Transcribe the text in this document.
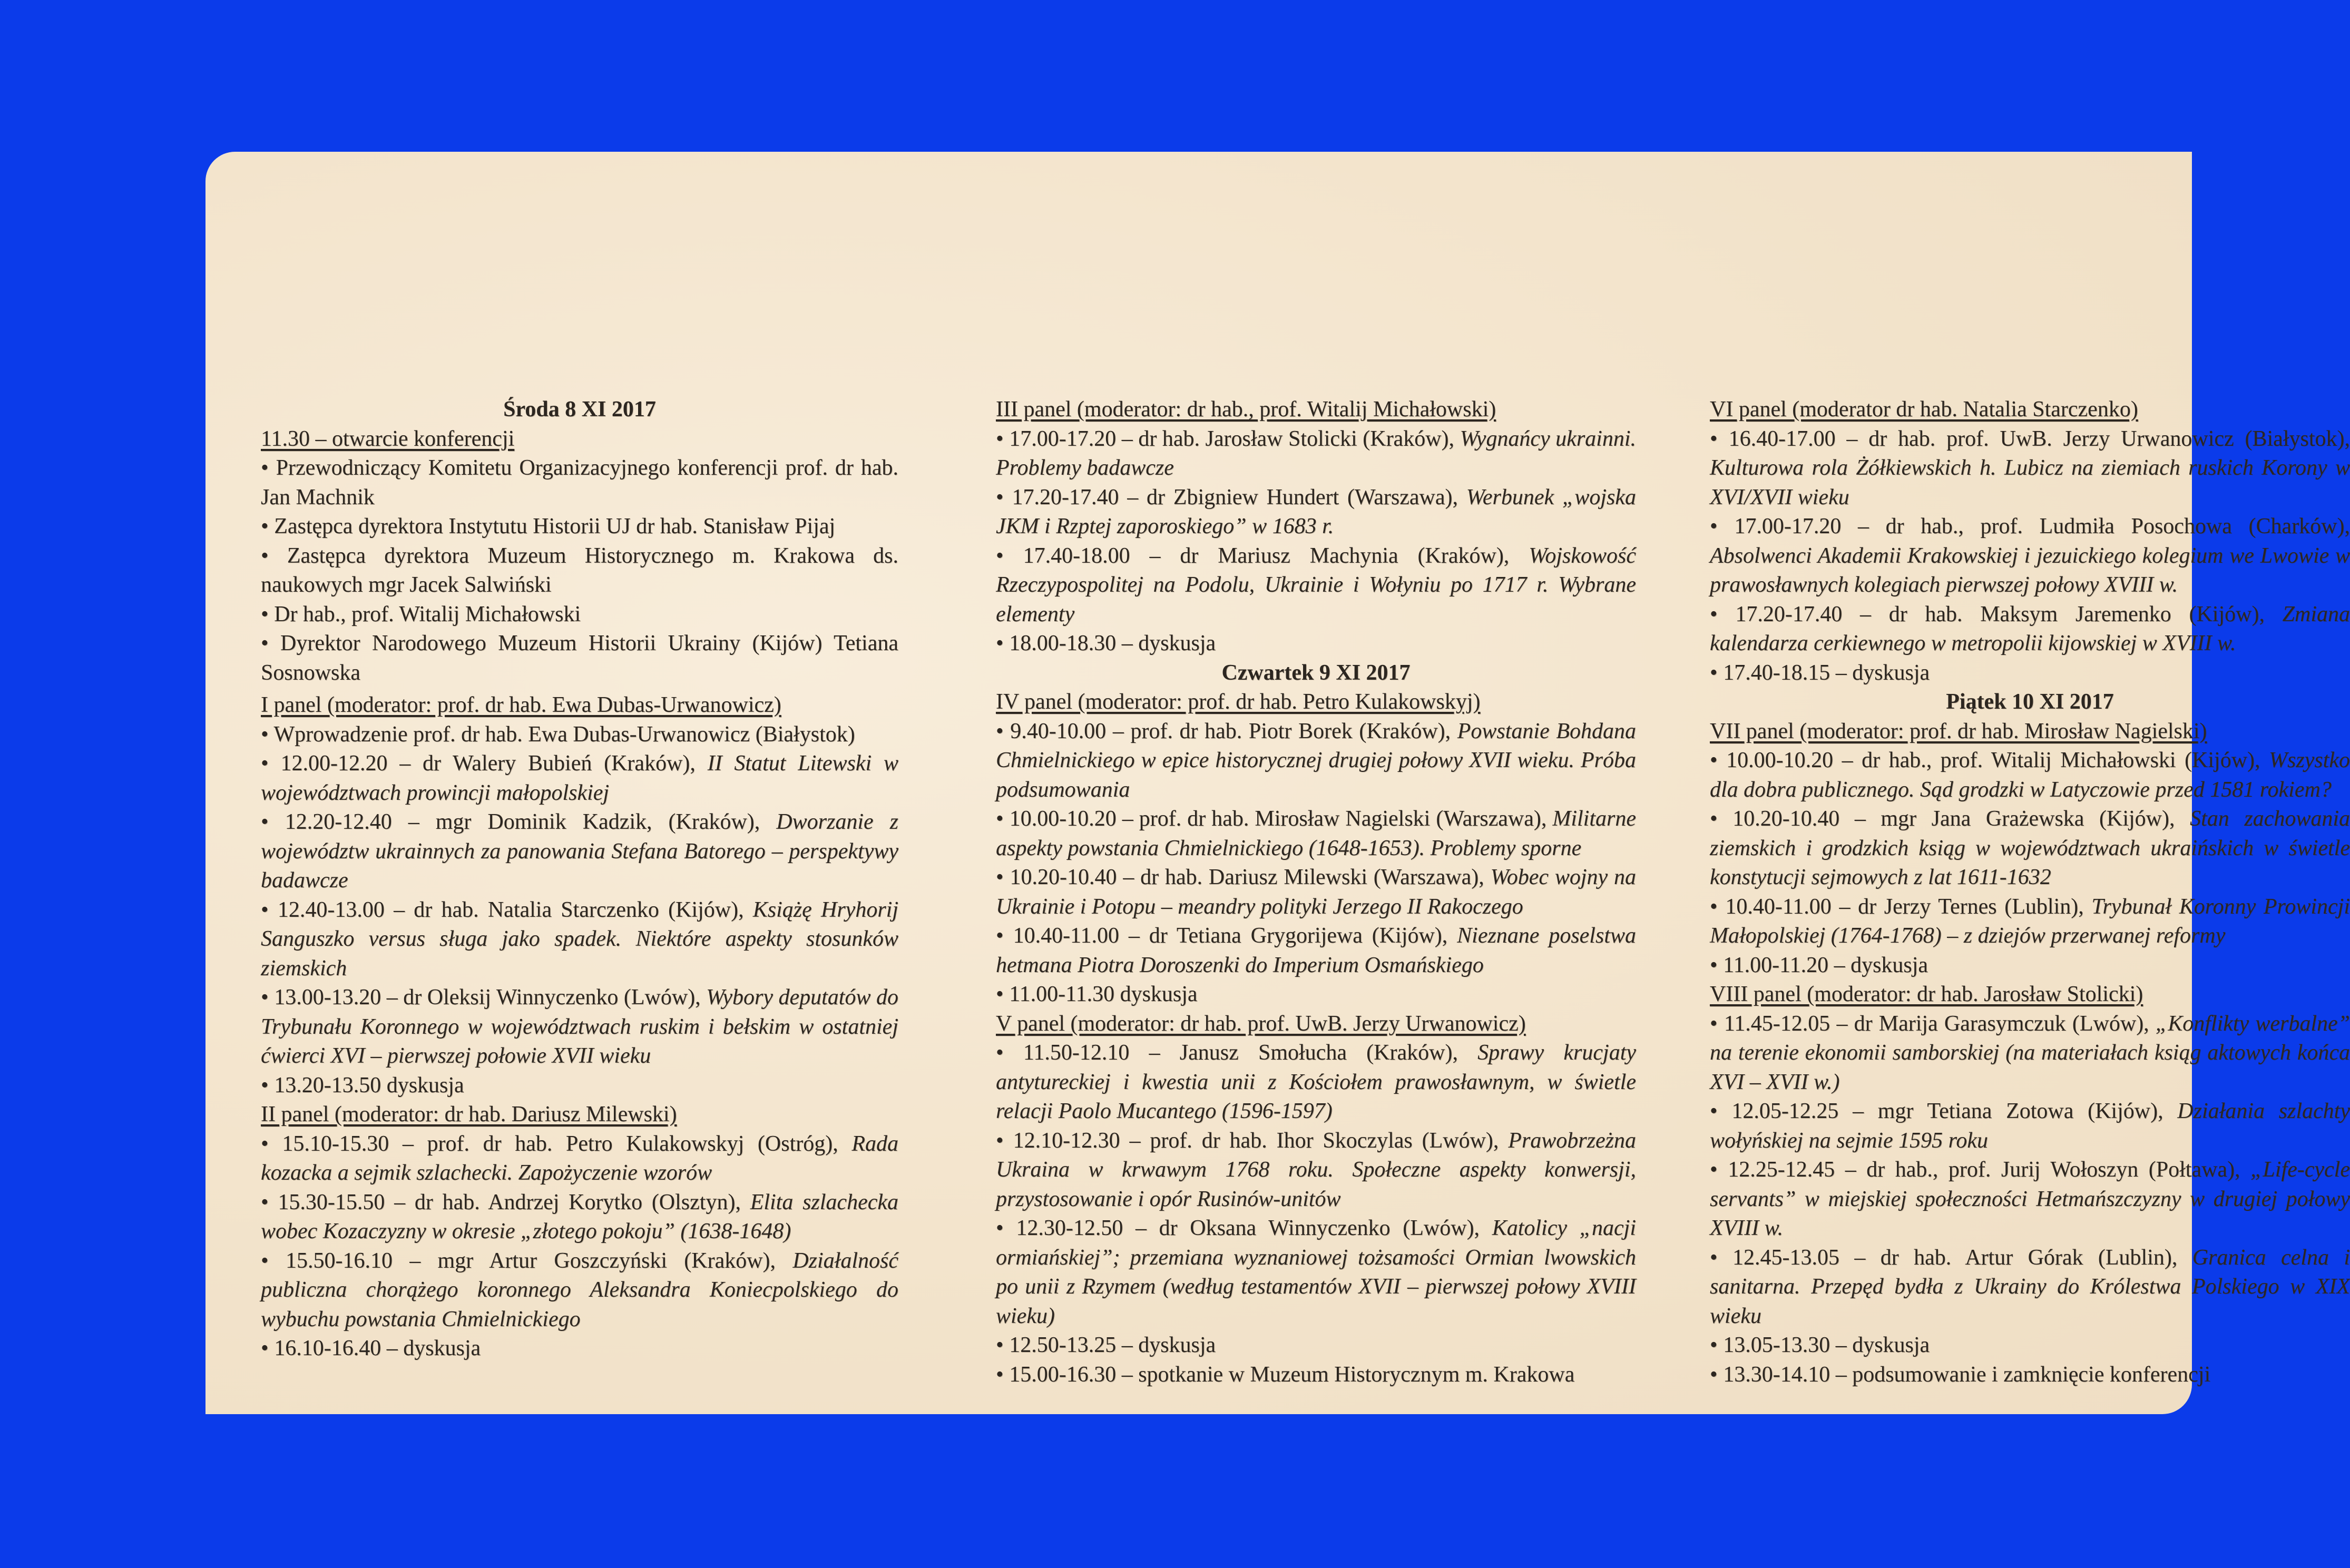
Środa 8 XI 2017

11.30 – otwarcie konferencji

• Przewodniczący Komitetu Organizacyjnego konferencji prof. dr hab. Jan Machnik

• Zastępca dyrektora Instytutu Historii UJ dr hab. Stanisław Pijaj

• Zastępca dyrektora Muzeum Historycznego m. Krakowa ds. naukowych mgr Jacek Salwiński

• Dr hab., prof. Witalij Michałowski

• Dyrektor Narodowego Muzeum Historii Ukrainy (Kijów) Tetiana Sosnowska

I panel (moderator: prof. dr hab. Ewa Dubas-Urwanowicz)

• Wprowadzenie prof. dr hab. Ewa Dubas-Urwanowicz (Białystok)

• 12.00-12.20 – dr Walery Bubień (Kraków), II Statut Litewski w województwach prowincji małopolskiej

• 12.20-12.40 – mgr Dominik Kadzik, (Kraków), Dworzanie z województw ukrainnych za panowania Stefana Batorego – perspektywy badawcze

• 12.40-13.00 – dr hab. Natalia Starczenko (Kijów), Książę Hryhorij Sanguszko versus sługa jako spadek. Niektóre aspekty stosunków ziemskich

• 13.00-13.20 – dr Oleksij Winnyczenko (Lwów), Wybory deputatów do Trybunału Koronnego w województwach ruskim i bełskim w ostatniej ćwierci XVI – pierwszej połowie XVII wieku

• 13.20-13.50 dyskusja

II panel (moderator: dr hab. Dariusz Milewski)

• 15.10-15.30 – prof. dr hab. Petro Kulakowskyj (Ostróg), Rada kozacka a sejmik szlachecki. Zapożyczenie wzorów

• 15.30-15.50 – dr hab. Andrzej Korytko (Olsztyn), Elita szlachecka wobec Kozaczyzny w okresie „złotego pokoju” (1638-1648)

• 15.50-16.10 – mgr Artur Goszczyński (Kraków), Działalność publiczna chorążego koronnego Aleksandra Koniecpolskiego do wybuchu powstania Chmielnickiego

• 16.10-16.40 – dyskusja

III panel (moderator: dr hab., prof. Witalij Michałowski)

• 17.00-17.20 – dr hab. Jarosław Stolicki (Kraków), Wygnańcy ukrainni. Problemy badawcze

• 17.20-17.40 – dr Zbigniew Hundert (Warszawa), Werbunek „wojska JKM i Rzptej zaporoskiego” w 1683 r.

• 17.40-18.00 – dr Mariusz Machynia (Kraków), Wojskowość Rzeczypospolitej na Podolu, Ukrainie i Wołyniu po 1717 r. Wybrane elementy

• 18.00-18.30 – dyskusja

Czwartek 9 XI 2017

IV panel (moderator: prof. dr hab. Petro Kulakowskyj)

• 9.40-10.00 – prof. dr hab. Piotr Borek (Kraków), Powstanie Bohdana Chmielnickiego w epice historycznej drugiej połowy XVII wieku. Próba podsumowania

• 10.00-10.20 – prof. dr hab. Mirosław Nagielski (Warszawa), Militarne aspekty powstania Chmielnickiego (1648-1653). Problemy sporne

• 10.20-10.40 – dr hab. Dariusz Milewski (Warszawa), Wobec wojny na Ukrainie i Potopu – meandry polityki Jerzego II Rakoczego

• 10.40-11.00 – dr Tetiana Grygorijewa (Kijów), Nieznane poselstwa hetmana Piotra Doroszenki do Imperium Osmańskiego

• 11.00-11.30 dyskusja

V panel (moderator: dr hab. prof. UwB. Jerzy Urwanowicz)

• 11.50-12.10 – Janusz Smołucha (Kraków), Sprawy krucjaty antytureckiej i kwestia unii z Kościołem prawosławnym, w świetle relacji Paolo Mucantego (1596-1597)

• 12.10-12.30 – prof. dr hab. Ihor Skoczylas (Lwów), Prawobrzeżna Ukraina w krwawym 1768 roku. Społeczne aspekty konwersji, przystosowanie i opór Rusinów-unitów

• 12.30-12.50 – dr Oksana Winnyczenko (Lwów), Katolicy „nacji ormiańskiej”; przemiana wyznaniowej tożsamości Ormian lwowskich po unii z Rzymem (według testamentów XVII – pierwszej połowy XVIII wieku)

• 12.50-13.25 – dyskusja

• 15.00-16.30 – spotkanie w Muzeum Historycznym m. Krakowa

VI panel (moderator dr hab. Natalia Starczenko)

• 16.40-17.00 – dr hab. prof. UwB. Jerzy Urwanowicz (Białystok), Kulturowa rola Żółkiewskich h. Lubicz na ziemiach ruskich Korony w XVI/XVII wieku

• 17.00-17.20 – dr hab., prof. Ludmiła Posochowa (Charków), Absolwenci Akademii Krakowskiej i jezuickiego kolegium we Lwowie w prawosławnych kolegiach pierwszej połowy XVIII w.

• 17.20-17.40 – dr hab. Maksym Jaremenko (Kijów), Zmiana kalendarza cerkiewnego w metropolii kijowskiej w XVIII w.

• 17.40-18.15 – dyskusja

Piątek 10 XI 2017

VII panel (moderator: prof. dr hab. Mirosław Nagielski)

• 10.00-10.20 – dr hab., prof. Witalij Michałowski (Kijów), Wszystko dla dobra publicznego. Sąd grodzki w Latyczowie przed 1581 rokiem?

• 10.20-10.40 – mgr Jana Grażewska (Kijów), Stan zachowania ziemskich i grodzkich ksiąg w województwach ukraińskich w świetle konstytucji sejmowych z lat 1611-1632

• 10.40-11.00 – dr Jerzy Ternes (Lublin), Trybunał Koronny Prowincji Małopolskiej (1764-1768) – z dziejów przerwanej reformy

• 11.00-11.20 – dyskusja

VIII panel (moderator: dr hab. Jarosław Stolicki)

• 11.45-12.05 – dr Marija Garasymczuk (Lwów), „Konflikty werbalne” na terenie ekonomii samborskiej (na materiałach ksiąg aktowych końca XVI – XVII w.)

• 12.05-12.25 – mgr Tetiana Zotowa (Kijów), Działania szlachty wołyńskiej na sejmie 1595 roku

• 12.25-12.45 – dr hab., prof. Jurij Wołoszyn (Połtawa), „Life-cycle servants” w miejskiej społeczności Hetmańszczyzny w drugiej połowy XVIII w.

• 12.45-13.05 – dr hab. Artur Górak (Lublin), Granica celna i sanitarna. Przepęd bydła z Ukrainy do Królestwa Polskiego w XIX wieku

• 13.05-13.30 – dyskusja

• 13.30-14.10 – podsumowanie i zamknięcie konferencji
